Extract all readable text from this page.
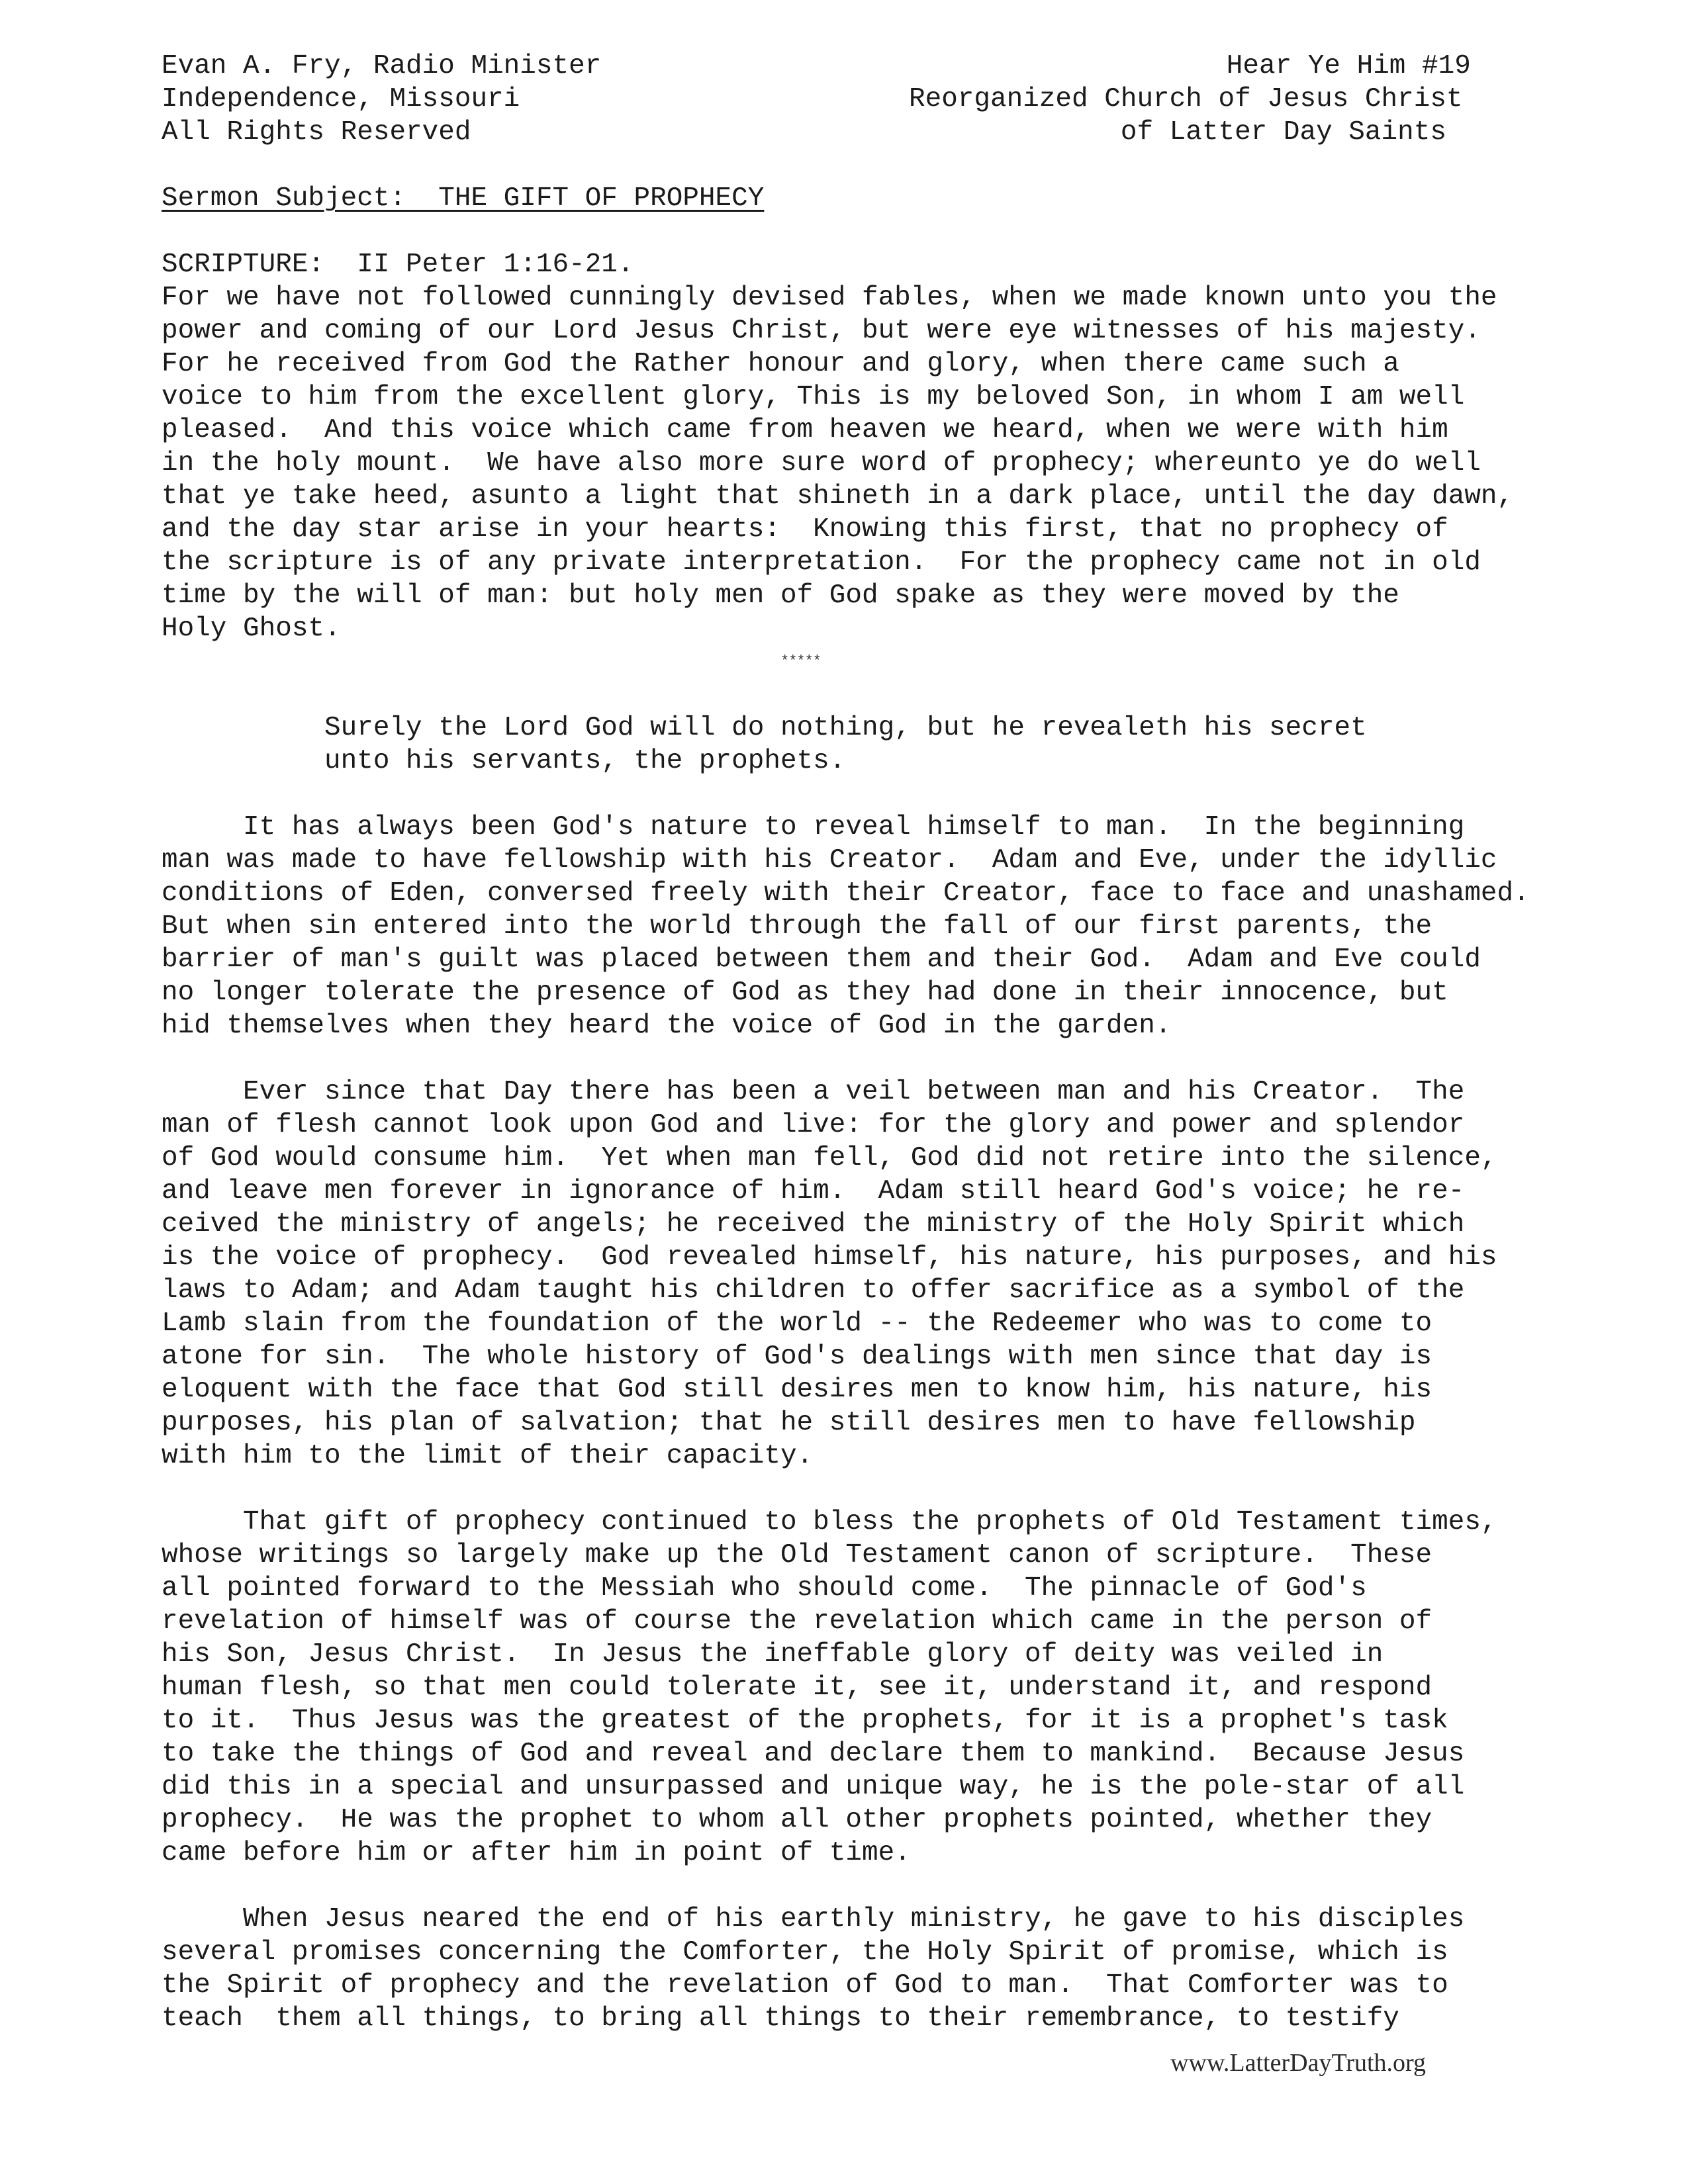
Evan A. Fry, Radio Minister
Independence, Missouri
All Rights Reserved
Hear Ye Him #19
Reorganized Church of Jesus Christ
of Latter Day Saints
Sermon Subject:  THE GIFT OF PROPHECY
SCRIPTURE:  II Peter 1:16-21.
For we have not followed cunningly devised fables, when we made known unto you the
power and coming of our Lord Jesus Christ, but were eye witnesses of his majesty.
For he received from God the Rather honour and glory, when there came such a
voice to him from the excellent glory, This is my beloved Son, in whom I am well
pleased.  And this voice which came from heaven we heard, when we were with him
in the holy mount.  We have also more sure word of prophecy; whereunto ye do well
that ye take heed, asunto a light that shineth in a dark place, until the day dawn,
and the day star arise in your hearts:  Knowing this first, that no prophecy of
the scripture is of any private interpretation.  For the prophecy came not in old
time by the will of man: but holy men of God spake as they were moved by the
Holy Ghost.
*****
Surely the Lord God will do nothing, but he revealeth his secret
unto his servants, the prophets.
It has always been God's nature to reveal himself to man.  In the beginning
man was made to have fellowship with his Creator.  Adam and Eve, under the idyllic
conditions of Eden, conversed freely with their Creator, face to face and unashamed.
But when sin entered into the world through the fall of our first parents, the
barrier of man's guilt was placed between them and their God.  Adam and Eve could
no longer tolerate the presence of God as they had done in their innocence, but
hid themselves when they heard the voice of God in the garden.
Ever since that Day there has been a veil between man and his Creator.  The
man of flesh cannot look upon God and live: for the glory and power and splendor
of God would consume him.  Yet when man fell, God did not retire into the silence,
and leave men forever in ignorance of him.  Adam still heard God's voice; he re-
ceived the ministry of angels; he received the ministry of the Holy Spirit which
is the voice of prophecy.  God revealed himself, his nature, his purposes, and his
laws to Adam; and Adam taught his children to offer sacrifice as a symbol of the
Lamb slain from the foundation of the world -- the Redeemer who was to come to
atone for sin.  The whole history of God's dealings with men since that day is
eloquent with the face that God still desires men to know him, his nature, his
purposes, his plan of salvation; that he still desires men to have fellowship
with him to the limit of their capacity.
That gift of prophecy continued to bless the prophets of Old Testament times,
whose writings so largely make up the Old Testament canon of scripture.  These
all pointed forward to the Messiah who should come.  The pinnacle of God's
revelation of himself was of course the revelation which came in the person of
his Son, Jesus Christ.  In Jesus the ineffable glory of deity was veiled in
human flesh, so that men could tolerate it, see it, understand it, and respond
to it.  Thus Jesus was the greatest of the prophets, for it is a prophet's task
to take the things of God and reveal and declare them to mankind.  Because Jesus
did this in a special and unsurpassed and unique way, he is the pole-star of all
prophecy.  He was the prophet to whom all other prophets pointed, whether they
came before him or after him in point of time.
When Jesus neared the end of his earthly ministry, he gave to his disciples
several promises concerning the Comforter, the Holy Spirit of promise, which is
the Spirit of prophecy and the revelation of God to man.  That Comforter was to
teach  them all things, to bring all things to their remembrance, to testify
www.LatterDayTruth.org
